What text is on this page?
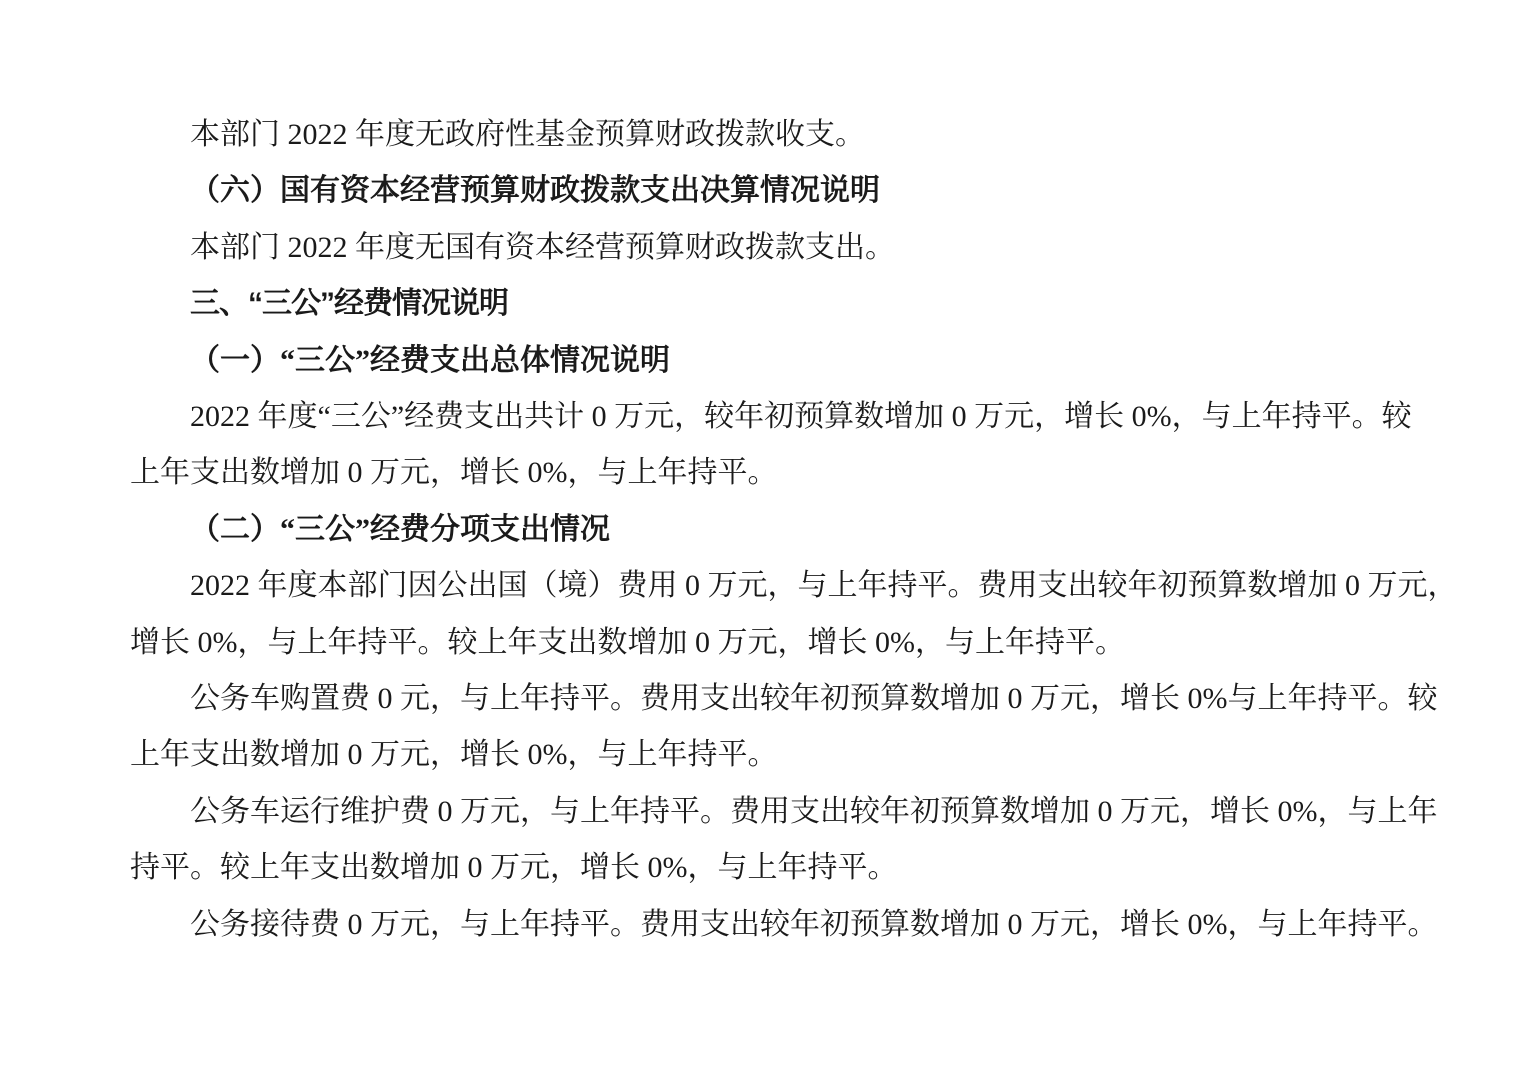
本部门 2022 年度无政府性基金预算财政拨款收支。
（六）国有资本经营预算财政拨款支出决算情况说明
本部门 2022 年度无国有资本经营预算财政拨款支出。
三、“三公”经费情况说明
（一）“三公”经费支出总体情况说明
2022 年度“三公”经费支出共计 0 万元，较年初预算数增加 0 万元，增长 0%，与上年持平。较
上年支出数增加 0 万元，增长 0%，与上年持平。
（二）“三公”经费分项支出情况
2022 年度本部门因公出国（境）费用 0 万元，与上年持平。费用支出较年初预算数增加 0 万元，
增长 0%，与上年持平。较上年支出数增加 0 万元，增长 0%，与上年持平。
公务车购置费 0 元，与上年持平。费用支出较年初预算数增加 0 万元，增长 0%与上年持平。较
上年支出数增加 0 万元，增长 0%，与上年持平。
公务车运行维护费 0 万元，与上年持平。费用支出较年初预算数增加 0 万元，增长 0%，与上年
持平。较上年支出数增加 0 万元，增长 0%，与上年持平。
公务接待费 0 万元，与上年持平。费用支出较年初预算数增加 0 万元，增长 0%，与上年持平。
